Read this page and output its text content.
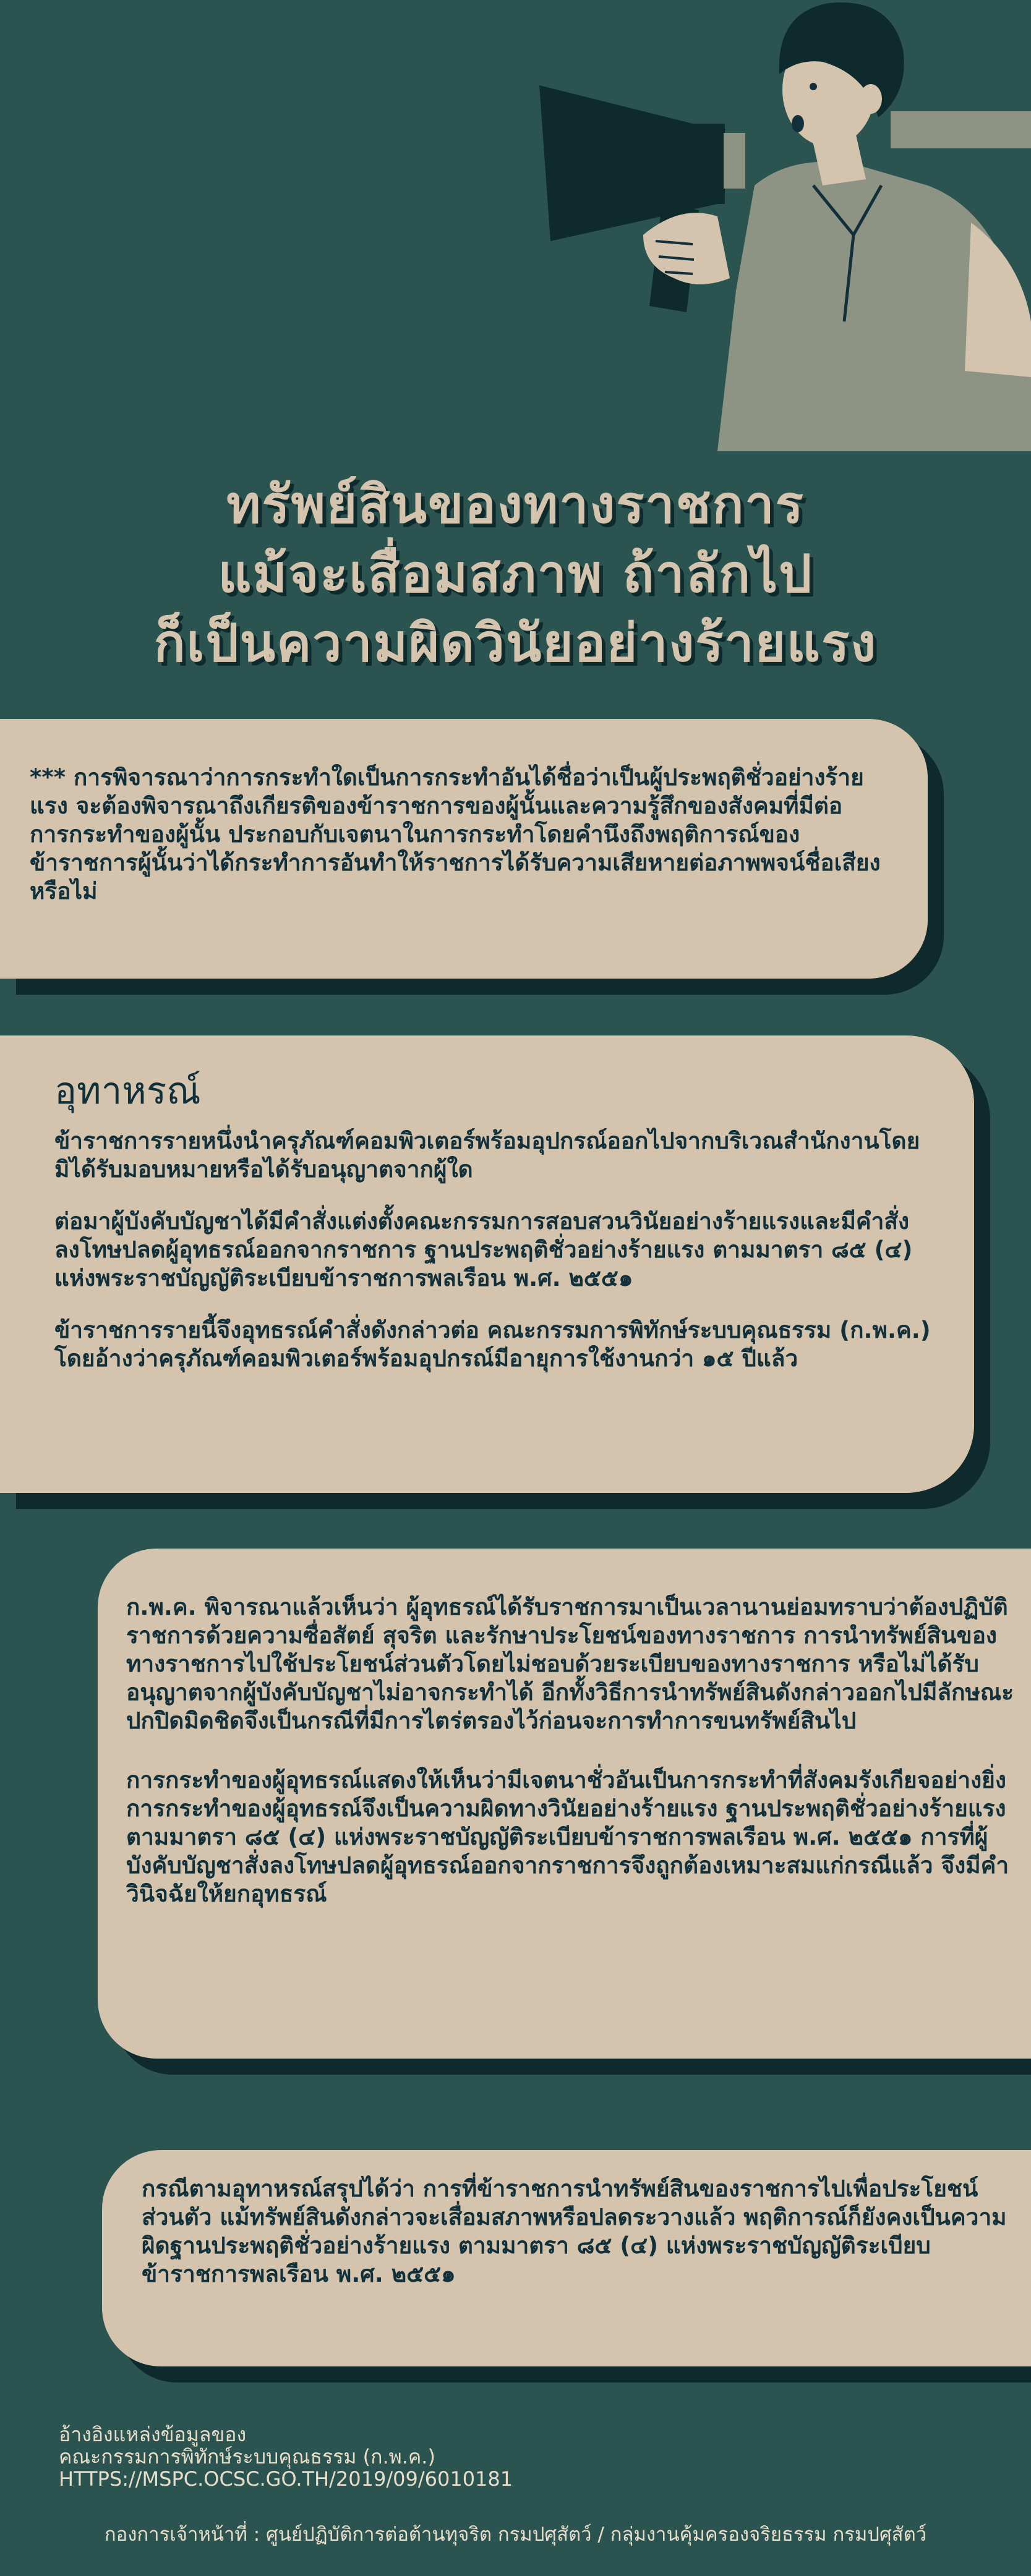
ทรัพย์สินของทางราชการ
แม้จะเสื่อมสภาพ ถ้าลักไป
ก็เป็นความผิดวินัยอย่างร้ายแรง

*** การพิจารณาว่าการกระทำใดเป็นการกระทำอันได้ชื่อว่าเป็นผู้ประพฤติชั่วอย่างร้ายแรง จะต้องพิจารณาถึงเกียรติของข้าราชการของผู้นั้นและความรู้สึกของสังคมที่มีต่อการกระทำของผู้นั้น ประกอบกับเจตนาในการกระทำโดยคำนึงถึงพฤติการณ์ของข้าราชการผู้นั้นว่าได้กระทำการอันทำให้ราชการได้รับความเสียหายต่อภาพพจน์ชื่อเสียงหรือไม่

อุทาหรณ์

ข้าราชการรายหนึ่งนำครุภัณฑ์คอมพิวเตอร์พร้อมอุปกรณ์ออกไปจากบริเวณสำนักงานโดยมิได้รับมอบหมายหรือได้รับอนุญาตจากผู้ใด

ต่อมาผู้บังคับบัญชาได้มีคำสั่งแต่งตั้งคณะกรรมการสอบสวนวินัยอย่างร้ายแรงและมีคำสั่งลงโทษปลดผู้อุทธรณ์ออกจากราชการ ฐานประพฤติชั่วอย่างร้ายแรง ตามมาตรา ๘๕ (๔) แห่งพระราชบัญญัติระเบียบข้าราชการพลเรือน พ.ศ. ๒๕๕๑

ข้าราชการรายนี้จึงอุทธรณ์คำสั่งดังกล่าวต่อ คณะกรรมการพิทักษ์ระบบคุณธรรม (ก.พ.ค.) โดยอ้างว่าครุภัณฑ์คอมพิวเตอร์พร้อมอุปกรณ์มีอายุการใช้งานกว่า ๑๕ ปีแล้ว

ก.พ.ค. พิจารณาแล้วเห็นว่า ผู้อุทธรณ์ได้รับราชการมาเป็นเวลานานย่อมทราบว่าต้องปฏิบัติราชการด้วยความซื่อสัตย์ สุจริต และรักษาประโยชน์ของทางราชการ การนำทรัพย์สินของทางราชการไปใช้ประโยชน์ส่วนตัวโดยไม่ชอบด้วยระเบียบของทางราชการ หรือไม่ได้รับอนุญาตจากผู้บังคับบัญชาไม่อาจกระทำได้ อีกทั้งวิธีการนำทรัพย์สินดังกล่าวออกไปมีลักษณะปกปิดมิดชิดจึงเป็นกรณีที่มีการไตร่ตรองไว้ก่อนจะการทำการขนทรัพย์สินไป

การกระทำของผู้อุทธรณ์แสดงให้เห็นว่ามีเจตนาชั่วอันเป็นการกระทำที่สังคมรังเกียจอย่างยิ่ง การกระทำของผู้อุทธรณ์จึงเป็นความผิดทางวินัยอย่างร้ายแรง ฐานประพฤติชั่วอย่างร้ายแรงตามมาตรา ๘๕ (๔) แห่งพระราชบัญญัติระเบียบข้าราชการพลเรือน พ.ศ. ๒๕๕๑ การที่ผู้บังคับบัญชาสั่งลงโทษปลดผู้อุทธรณ์ออกจากราชการจึงถูกต้องเหมาะสมแก่กรณีแล้ว จึงมีคำวินิจฉัยให้ยกอุทธรณ์

กรณีตามอุทาหรณ์สรุปได้ว่า การที่ข้าราชการนำทรัพย์สินของราชการไปเพื่อประโยชน์ส่วนตัว แม้ทรัพย์สินดังกล่าวจะเสื่อมสภาพหรือปลดระวางแล้ว พฤติการณ์ก็ยังคงเป็นความผิดฐานประพฤติชั่วอย่างร้ายแรง ตามมาตรา ๘๕ (๔) แห่งพระราชบัญญัติระเบียบข้าราชการพลเรือน พ.ศ. ๒๕๕๑

อ้างอิงแหล่งข้อมูลของ
คณะกรรมการพิทักษ์ระบบคุณธรรม (ก.พ.ค.)
HTTPS://MSPC.OCSC.GO.TH/2019/09/6010181
กองการเจ้าหน้าที่ : ศูนย์ปฏิบัติการต่อต้านทุจริต กรมปศุสัตว์ / กลุ่มงานคุ้มครองจริยธรรม กรมปศุสัตว์
